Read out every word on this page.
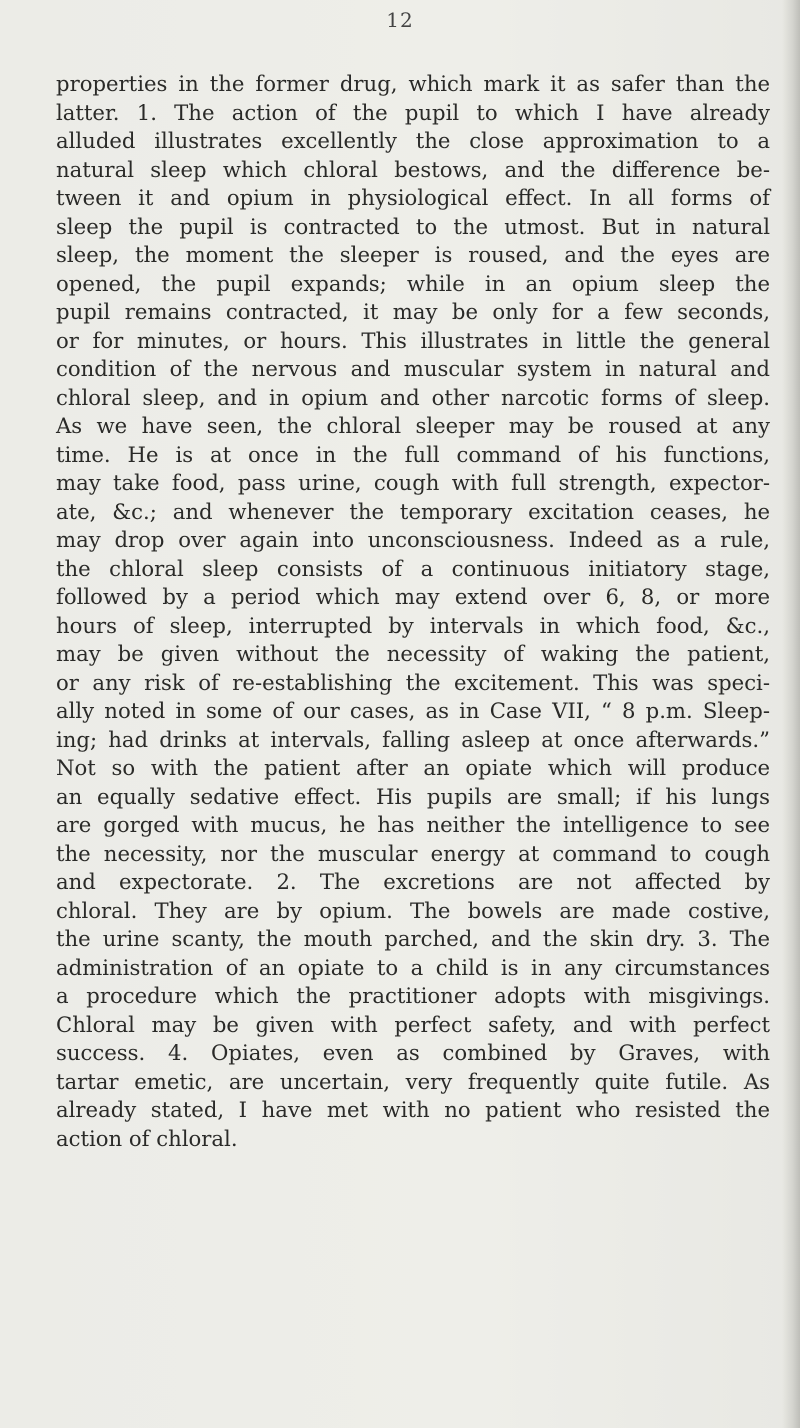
12
properties in the former drug, which mark it as safer than the
latter. 1. The action of the pupil to which I have already
alluded illustrates excellently the close approximation to a
natural sleep which chloral bestows, and the difference be-
tween it and opium in physiological effect. In all forms of
sleep the pupil is contracted to the utmost. But in natural
sleep, the moment the sleeper is roused, and the eyes are
opened, the pupil expands; while in an opium sleep the
pupil remains contracted, it may be only for a few seconds,
or for minutes, or hours. This illustrates in little the general
condition of the nervous and muscular system in natural and
chloral sleep, and in opium and other narcotic forms of sleep.
As we have seen, the chloral sleeper may be roused at any
time. He is at once in the full command of his functions,
may take food, pass urine, cough with full strength, expector-
ate, &c.; and whenever the temporary excitation ceases, he
may drop over again into unconsciousness. Indeed as a rule,
the chloral sleep consists of a continuous initiatory stage,
followed by a period which may extend over 6, 8, or more
hours of sleep, interrupted by intervals in which food, &c.,
may be given without the necessity of waking the patient,
or any risk of re-establishing the excitement. This was speci-
ally noted in some of our cases, as in Case VII, “ 8 p.m. Sleep-
ing; had drinks at intervals, falling asleep at once afterwards.”
Not so with the patient after an opiate which will produce
an equally sedative effect. His pupils are small; if his lungs
are gorged with mucus, he has neither the intelligence to see
the necessity, nor the muscular energy at command to cough
and expectorate. 2. The excretions are not affected by
chloral. They are by opium. The bowels are made costive,
the urine scanty, the mouth parched, and the skin dry. 3. The
administration of an opiate to a child is in any circumstances
a procedure which the practitioner adopts with misgivings.
Chloral may be given with perfect safety, and with perfect
success. 4. Opiates, even as combined by Graves, with
tartar emetic, are uncertain, very frequently quite futile. As
already stated, I have met with no patient who resisted the
action of chloral.
